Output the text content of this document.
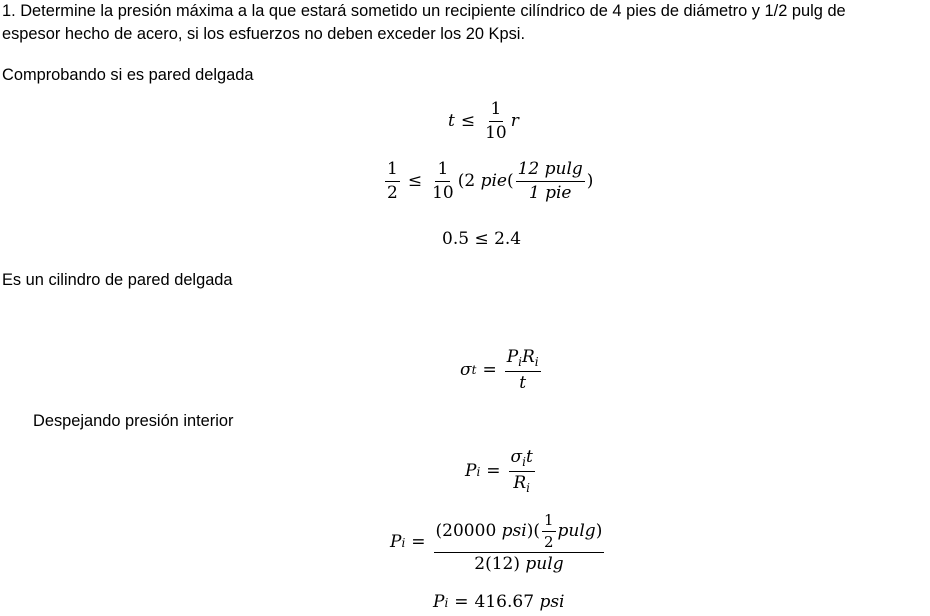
1. Determine la presión máxima a la que estará sometido un recipiente cilíndrico de 4 pies de diámetro y 1/2 pulg de
espesor hecho de acero, si los esfuerzos no deben exceder los 20 Kpsi.
Comprobando si es pared delgada
$t \le \frac{1}{10}$ r
$\frac{1}{2} \le \frac{1}{10} (2$
pie ( $\frac{12 pulg}{\text{1 pie}}$ )
0.5 ≤ 2.4
Es un cilindro de pared delgada
σ $t = \frac{P_iR_i}{t}$
Despejando presión interior
P $i = \frac{\sigma_it}{R_i}$
P $i = \frac{(20000 psi )( \frac{1}{2} pulg )}{2(12) pulg}$
P i = 416.67
psi
